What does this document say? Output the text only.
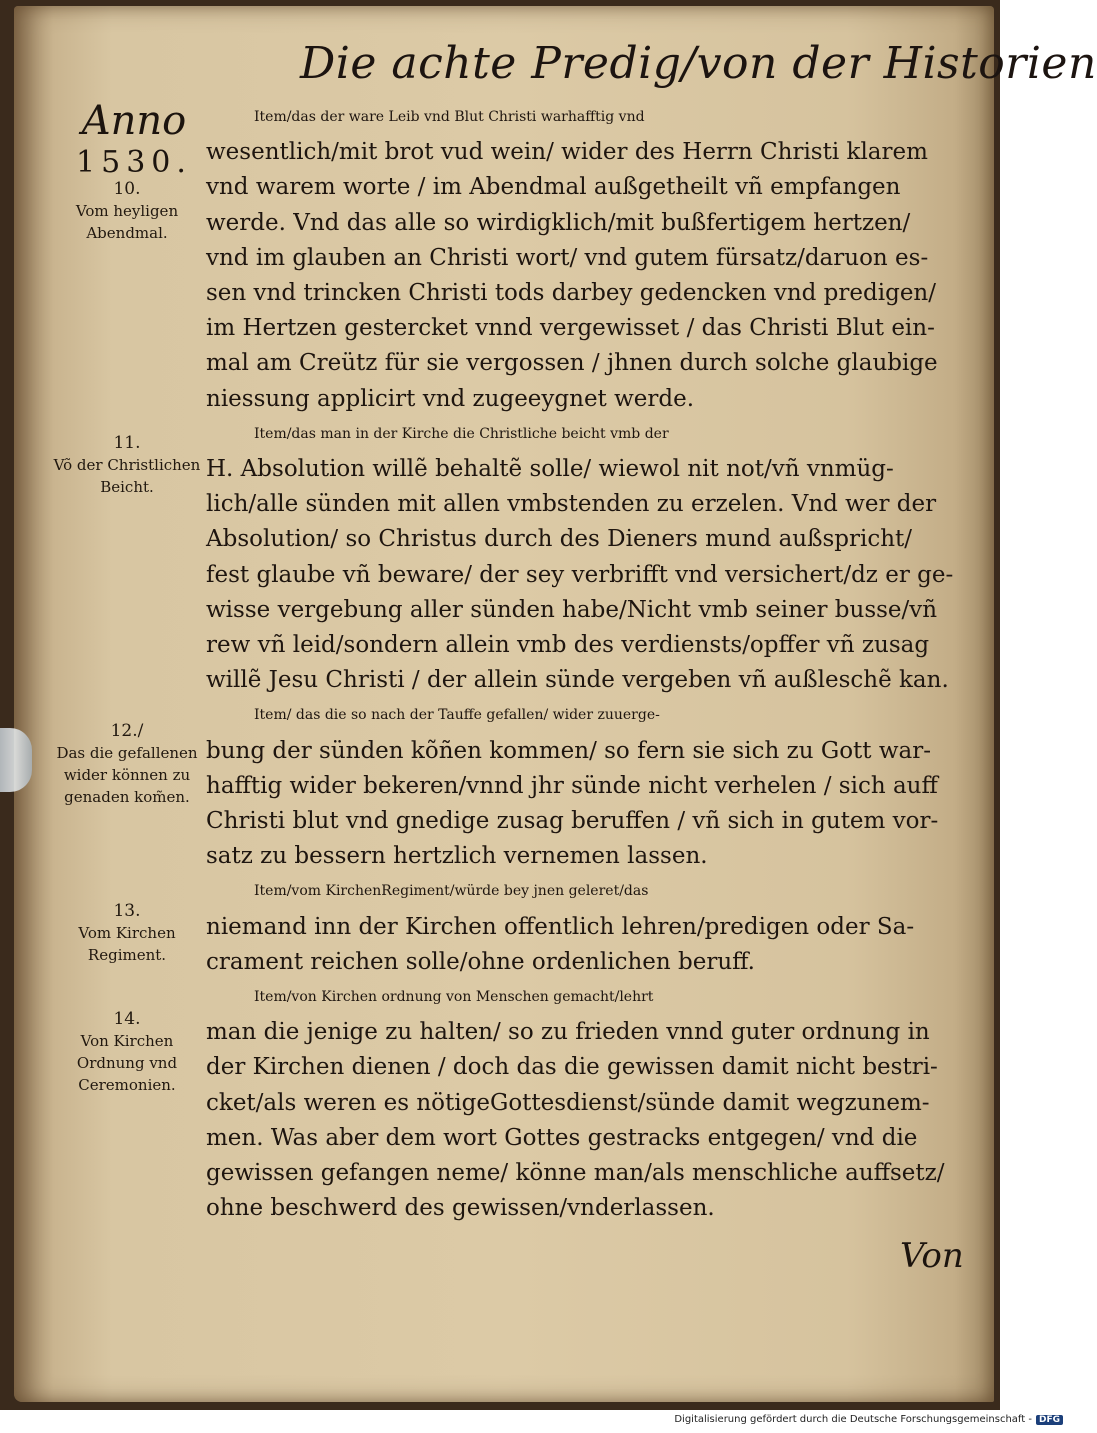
Die achte Predig/von der Historien
Anno
1530.
10.
Vom heyligen Abendmal.
11.
Võ der Christlichen Beicht.
12./
Das die gefallenen wider können zu genaden kom̃en.
13.
Vom Kirchen Regiment.
14.
Von Kirchen Ordnung vnd Ceremonien.
Item/das der ware Leib vnd Blut Christi warhafftig vnd
wesentlich/mit brot vud wein/ wider des Herrn Christi klarem
vnd warem worte / im Abendmal außgetheilt vñ empfangen
werde. Vnd das alle so wirdigklich/mit bußfertigem hertzen/
vnd im glauben an Christi wort/ vnd gutem fürsatz/daruon es-
sen vnd trincken Christi tods darbey gedencken vnd predigen/
im Hertzen gestercket vnnd vergewisset / das Christi Blut ein-
mal am Creütz für sie vergossen / jhnen durch solche glaubige
niessung applicirt vnd zugeeygnet werde.
Item/das man in der Kirche die Christliche beicht vmb der
H. Absolution willẽ behaltẽ solle/ wiewol nit not/vñ vnmüg-
lich/alle sünden mit allen vmbstenden zu erzelen. Vnd wer der
Absolution/ so Christus durch des Dieners mund außspricht/
fest glaube vñ beware/ der sey verbrifft vnd versichert/dz er ge-
wisse vergebung aller sünden habe/Nicht vmb seiner busse/vñ
rew vñ leid/sondern allein vmb des verdiensts/opffer vñ zusag
willẽ Jesu Christi / der allein sünde vergeben vñ außleschẽ kan.
Item/ das die so nach der Tauffe gefallen/ wider zuuerge-
bung der sünden kõñen kommen/ so fern sie sich zu Gott war-
hafftig wider bekeren/vnnd jhr sünde nicht verhelen / sich auff
Christi blut vnd gnedige zusag beruffen / vñ sich in gutem vor-
satz zu bessern hertzlich vernemen lassen.
Item/vom KirchenRegiment/würde bey jnen geleret/das
niemand inn der Kirchen offentlich lehren/predigen oder Sa-
crament reichen solle/ohne ordenlichen beruff.
Item/von Kirchen ordnung von Menschen gemacht/lehrt
man die jenige zu halten/ so zu frieden vnnd guter ordnung in
der Kirchen dienen / doch das die gewissen damit nicht bestri-
cket/als weren es nötigeGottesdienst/sünde damit wegzunem-
men. Was aber dem wort Gottes gestracks entgegen/ vnd die
gewissen gefangen neme/ könne man/als menschliche auffsetz/
ohne beschwerd des gewissen/vnderlassen.
Von
Digitalisierung gefördert durch die Deutsche Forschungsgemeinschaft - DFG
